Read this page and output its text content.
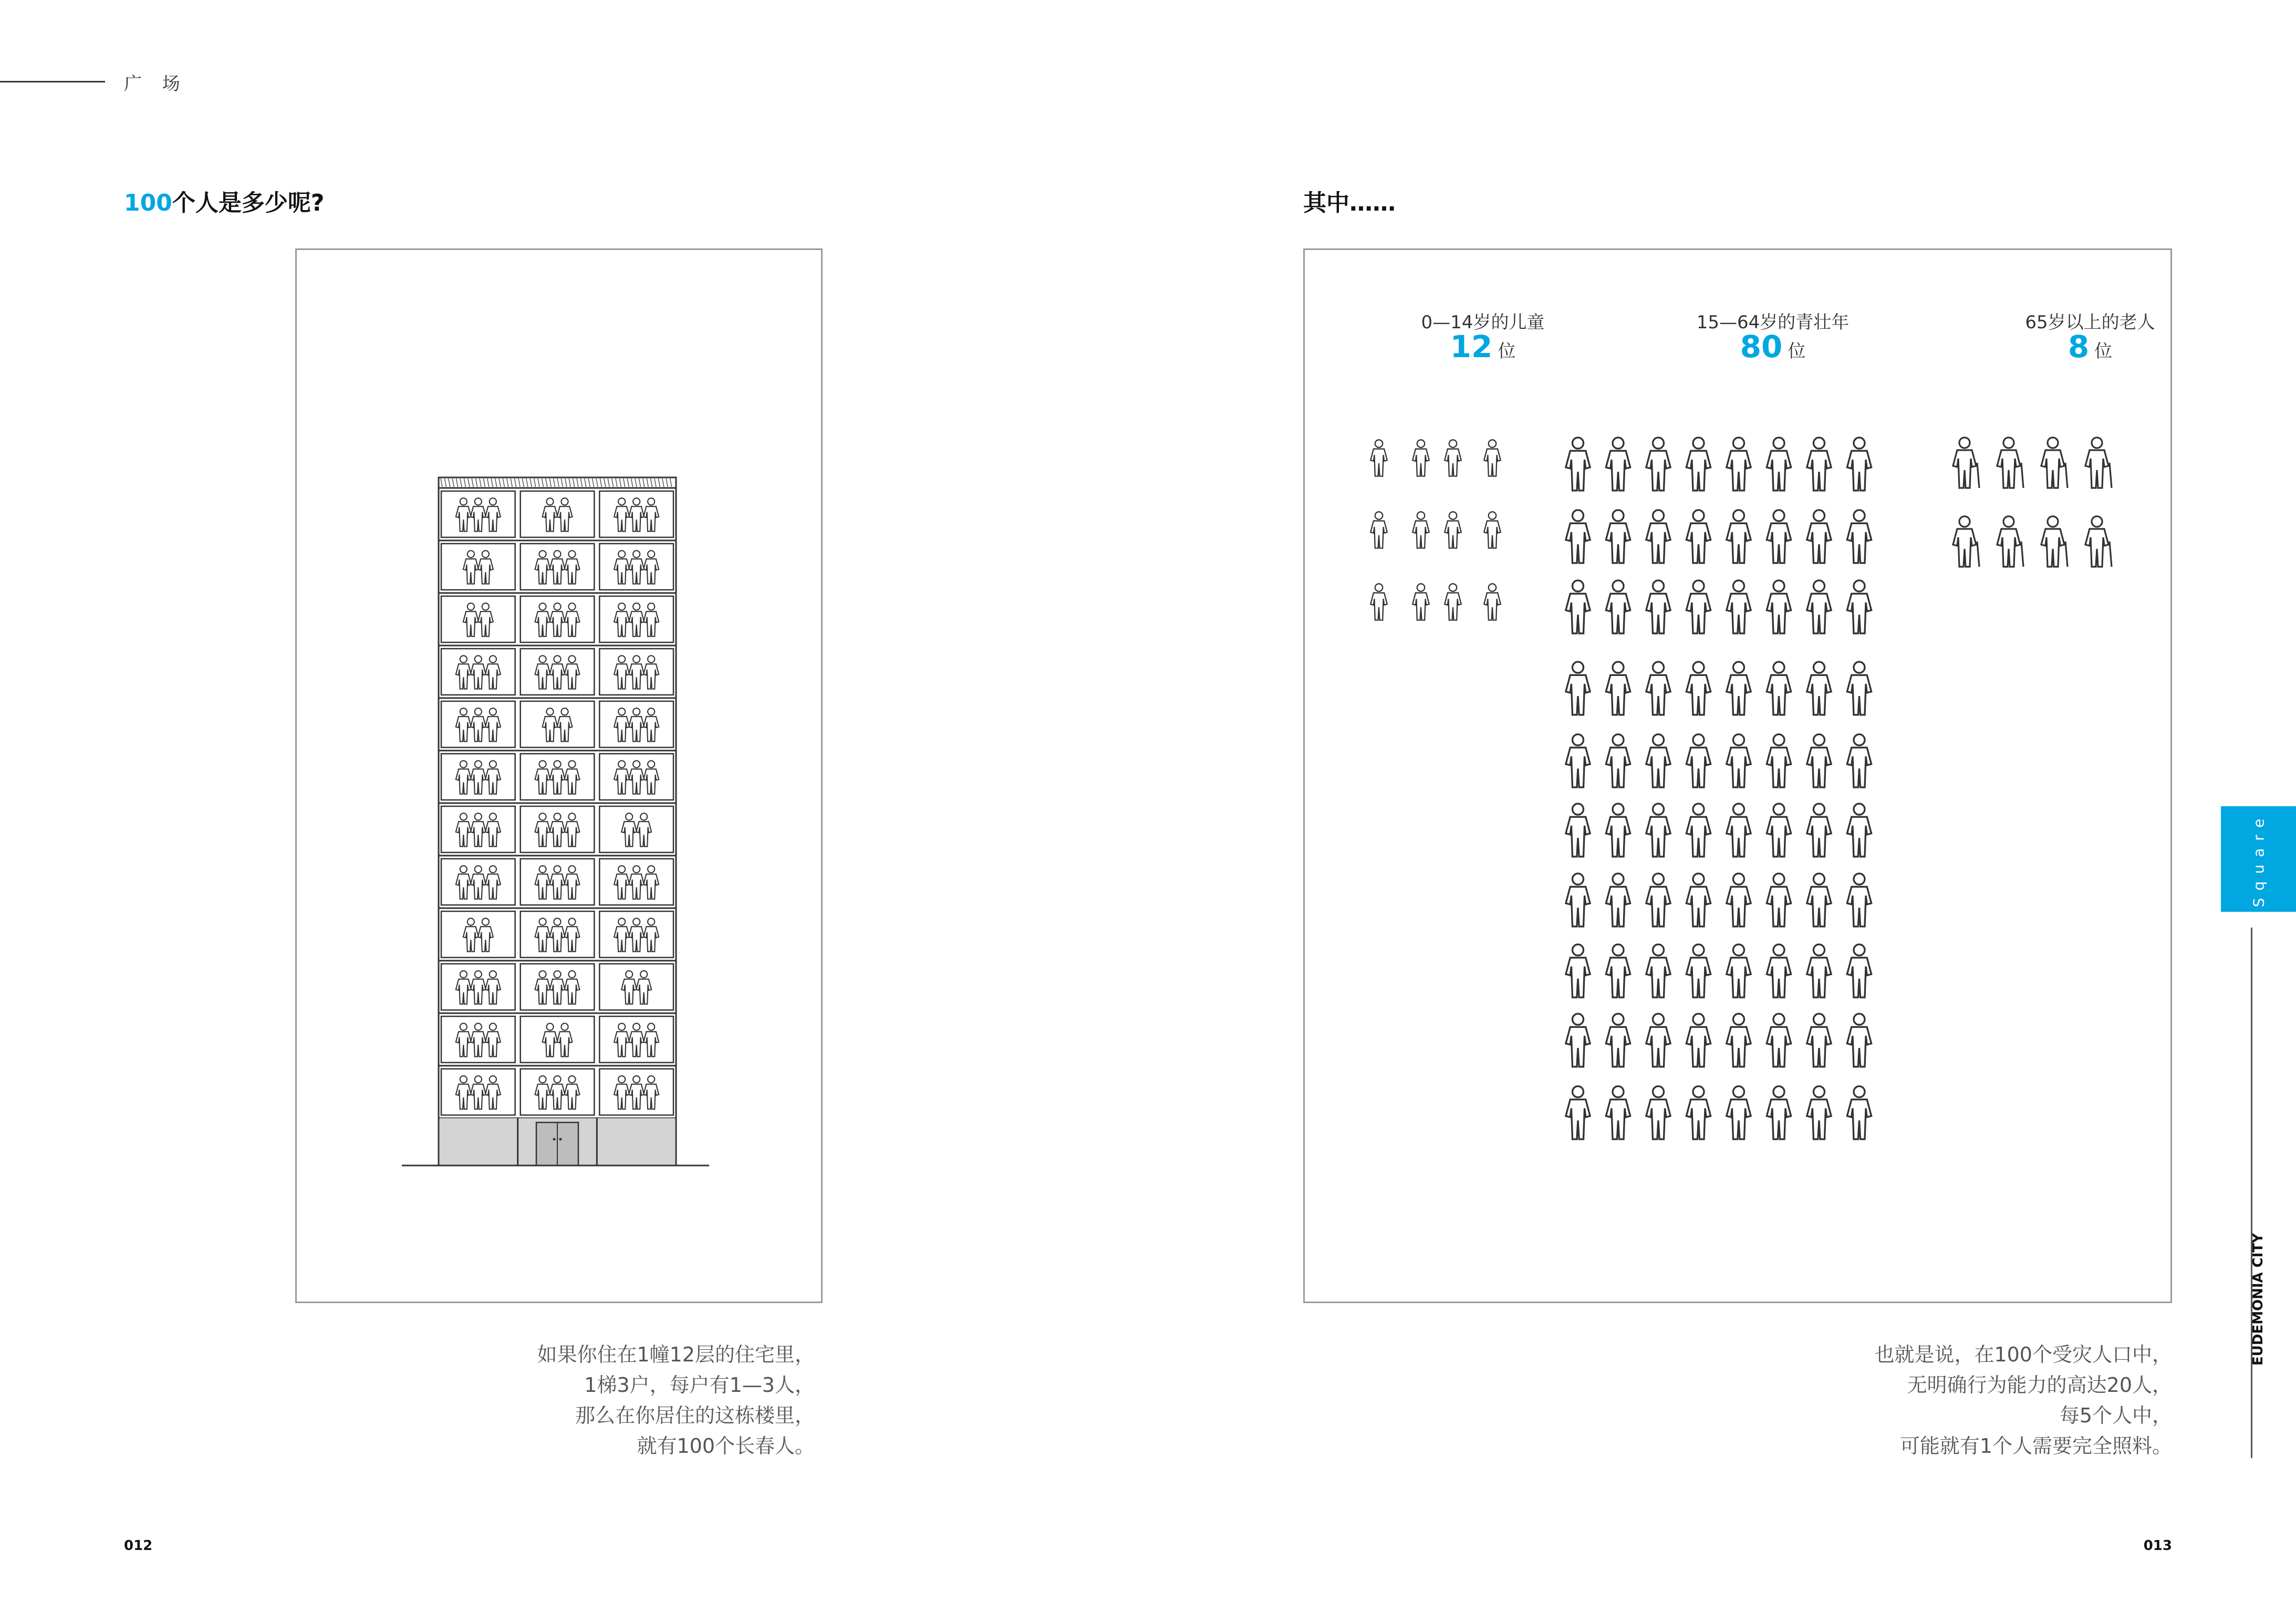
广 场
100个人是多少呢?
如果你住在1幢12层的住宅里，
1梯3户，每户有1—3人，
那么在你居住的这栋楼里，
就有100个长春人。
012
其中……
0—14岁的儿童
12 位
15—64岁的青壮年
80 位
65岁以上的老人
8 位
也就是说，在100个受灾人口中，
无明确行为能力的高达20人，
每5个人中，
可能就有1个人需要完全照料。
013
Square
EUDEMONIA CITY
